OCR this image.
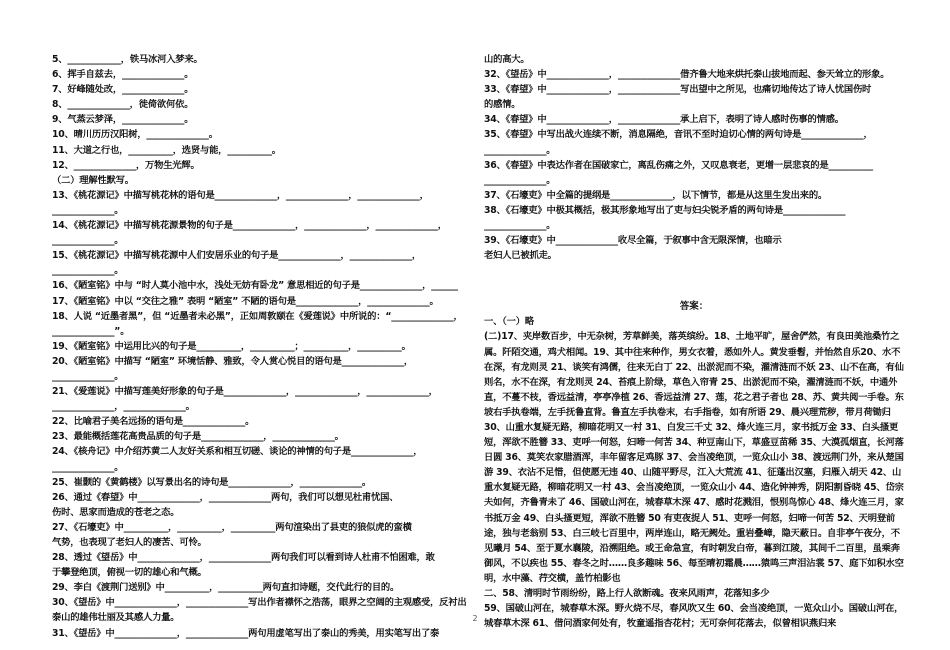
5、____________，铁马冰河入梦来。
6、挥手自兹去，______________。
7、好峰随处改，______________。
8、______________，徙倚欲何依。
9、气蒸云梦泽，______________。
10、晴川历历汉阳树，______________。
11、大道之行也，__________，选贤与能，__________。
12、______________，万物生光辉。
（二）理解性默写。
13、《桃花源记》中描写桃花林的语句是______________，______________，______________，
______________。
14、《桃花源记》中描写桃花源景物的句子是______________，______________，______________，
______________。
15、《桃花源记》中描写桃花源中人们安居乐业的句子是______________，______________，
______________。
16、《陋室铭》中与 “时人莫小池中水，浅处无妨有卧龙” 意思相近的句子是______________，______
17、《陋室铭》中以 “交往之雅” 表明 “陋室” 不陋的语句是______________，______________。
18、人说 “近墨者黑”，但 “近墨者未必黑”，正如周敦颐在《爱莲说》中所说的：“______________，
______________”。
19、《陋室铭》中运用比兴的句子是__________，__________；__________，__________。
20、《陋室铭》中描写 “陋室” 环境恬静、雅致，令人赏心悦目的语句是______________，
______________。
21、《爱莲说》中描写莲美好形象的句子是______________，______________，______________，
______________，______________。
22、比喻君子美名远扬的语句是______________。
23、最能概括莲花高贵品质的句子是______________，______________。
24、《核舟记》中介绍苏黄二人友好关系和相互切磋、谈论的神情的句子是______________，
______________。
25、崔颢的《黄鹤楼》以写景出名的诗句是______________，______________。
26、通过《春望》中______________，______________两句，我们可以想见杜甫忧国、
伤时、思家而造成的苍老之态。
27、《石壕吏》中__________，__________，__________两句渲染出了县吏的狼似虎的蛮横
气势，也表现了老妇人的凄苦、可怜。
28、透过《望岳》中______________，______________两句我们可以看到诗人杜甫不怕困难，敢
于攀登绝顶，俯视一切的雄心和气概。
29、李白《渡荆门送别》中__________，__________两句直扣诗题，交代此行的目的。
30、《望岳》中______________，______________写出作者襟怀之浩荡，眼界之空阔的主观感受，反衬出
泰山的雄伟壮丽及其感人力量。
31、《望岳》中______________，______________两句用虚笔写出了泰山的秀美，用实笔写出了泰
山的高大。
32、《望岳》中______________，______________借齐鲁大地来烘托泰山拔地而起、参天耸立的形象。
33、《春望》中______________，______________写出望中之所见，也痛切地传达了诗人忧国伤时
的感情。
34、《春望》中______________，______________承上启下，表明了诗人感时伤事的情感。
35、《春望》中写出战火连续不断，消息隔绝，音讯不至时迫切心情的两句诗是______________，
______________。
36、《春望》中表达作者在国破家亡，离乱伤痛之外，又叹息衰老，更增一层悲哀的是__________
______________。
37、《石壕吏》中全篇的提纲是______________，以下情节，都是从这里生发出来的。
38、《石壕吏》中极其概括，极其形象地写出了吏与妇尖锐矛盾的两句诗是______________
______________。
39、《石壕吏》中______________收尽全篇，于叙事中含无限深情，也暗示
老妇人已被抓走。
答案：
一、（一）略
(二)17、夹岸数百步，中无杂树，芳草鲜美，落英缤纷。18、土地平旷，屋舍俨然，有良田美池桑竹之属。阡陌交通，鸡犬相闻。19、其中往来种作，男女衣着，悉如外人。黄发垂髫，并怡然自乐20、水不在深，有龙则灵 21、谈笑有鸿儒，往来无白丁 22、出淤泥而不染，濯清涟而不妖 23、山不在高，有仙则名，水不在深，有龙则灵 24、苔痕上阶绿，草色入帘青 25、出淤泥而不染，濯清涟而不妖，中通外直，不蔓不枝，香远益清，亭亭净植 26、香远益清 27、莲，花之君子者也 28、苏、黄共阅一手卷。东坡右手执卷端，左手抚鲁直背。鲁直左手执卷末，右手指卷，如有所语 29、晨兴理荒秽，带月荷锄归 30、山重水复疑无路，柳暗花明又一村 31、白发三千丈 32、烽火连三月，家书抵万金 33、白头搔更短，浑欲不胜簪 33、吏呼一何怒，妇啼一何苦 34、种豆南山下，草盛豆苗稀 35、大漠孤烟直，长河落日圆 36、莫笑农家腊酒浑，丰年留客足鸡豚 37、会当凌绝顶，一览众山小 38、渡远荆门外，来从楚国游 39、衣沾不足惜，但使愿无违 40、山随平野尽，江入大荒流 41、征蓬出汉塞，归雁入胡天 42、山重水复疑无路，柳暗花明又一村 43、会当凌绝顶，一览众山小 44、造化钟神秀，阴阳割昏晓 45、岱宗夫如何，齐鲁青未了 46、国破山河在，城春草木深 47、感时花溅泪，恨别鸟惊心 48、烽火连三月，家书抵万金 49、白头搔更短，浑欲不胜簪 50 有吏夜捉人 51、吏呼一何怒，妇啼一何苦 52、天明登前途，独与老翁别 53、白三岐七百里中，两岸连山，略无阙处。重岩叠嶂，隐天蔽日。自非亭午夜分，不见曦月 54、至于夏水襄陵，沿溯阻绝。或王命急宣，有时朝发白帝，暮到江陵，其间千二百里，虽乘奔御风，不以疾也 55、春冬之时……良多趣味 56、每至晴初霜晨……猿鸣三声泪沾裳 57、庭下如积水空明，水中藻、荇交横，盖竹柏影也
二、58、清明时节雨纷纷，路上行人欲断魂。夜来风雨声，花落知多少
59、国破山河在，城春草木深。野火烧不尽，春风吹又生 60、会当凌绝顶，一览众山小。国破山河在，城春草木深 61、借问酒家何处有，牧童遥指杏花村；无可奈何花落去，似曾相识燕归来
2
